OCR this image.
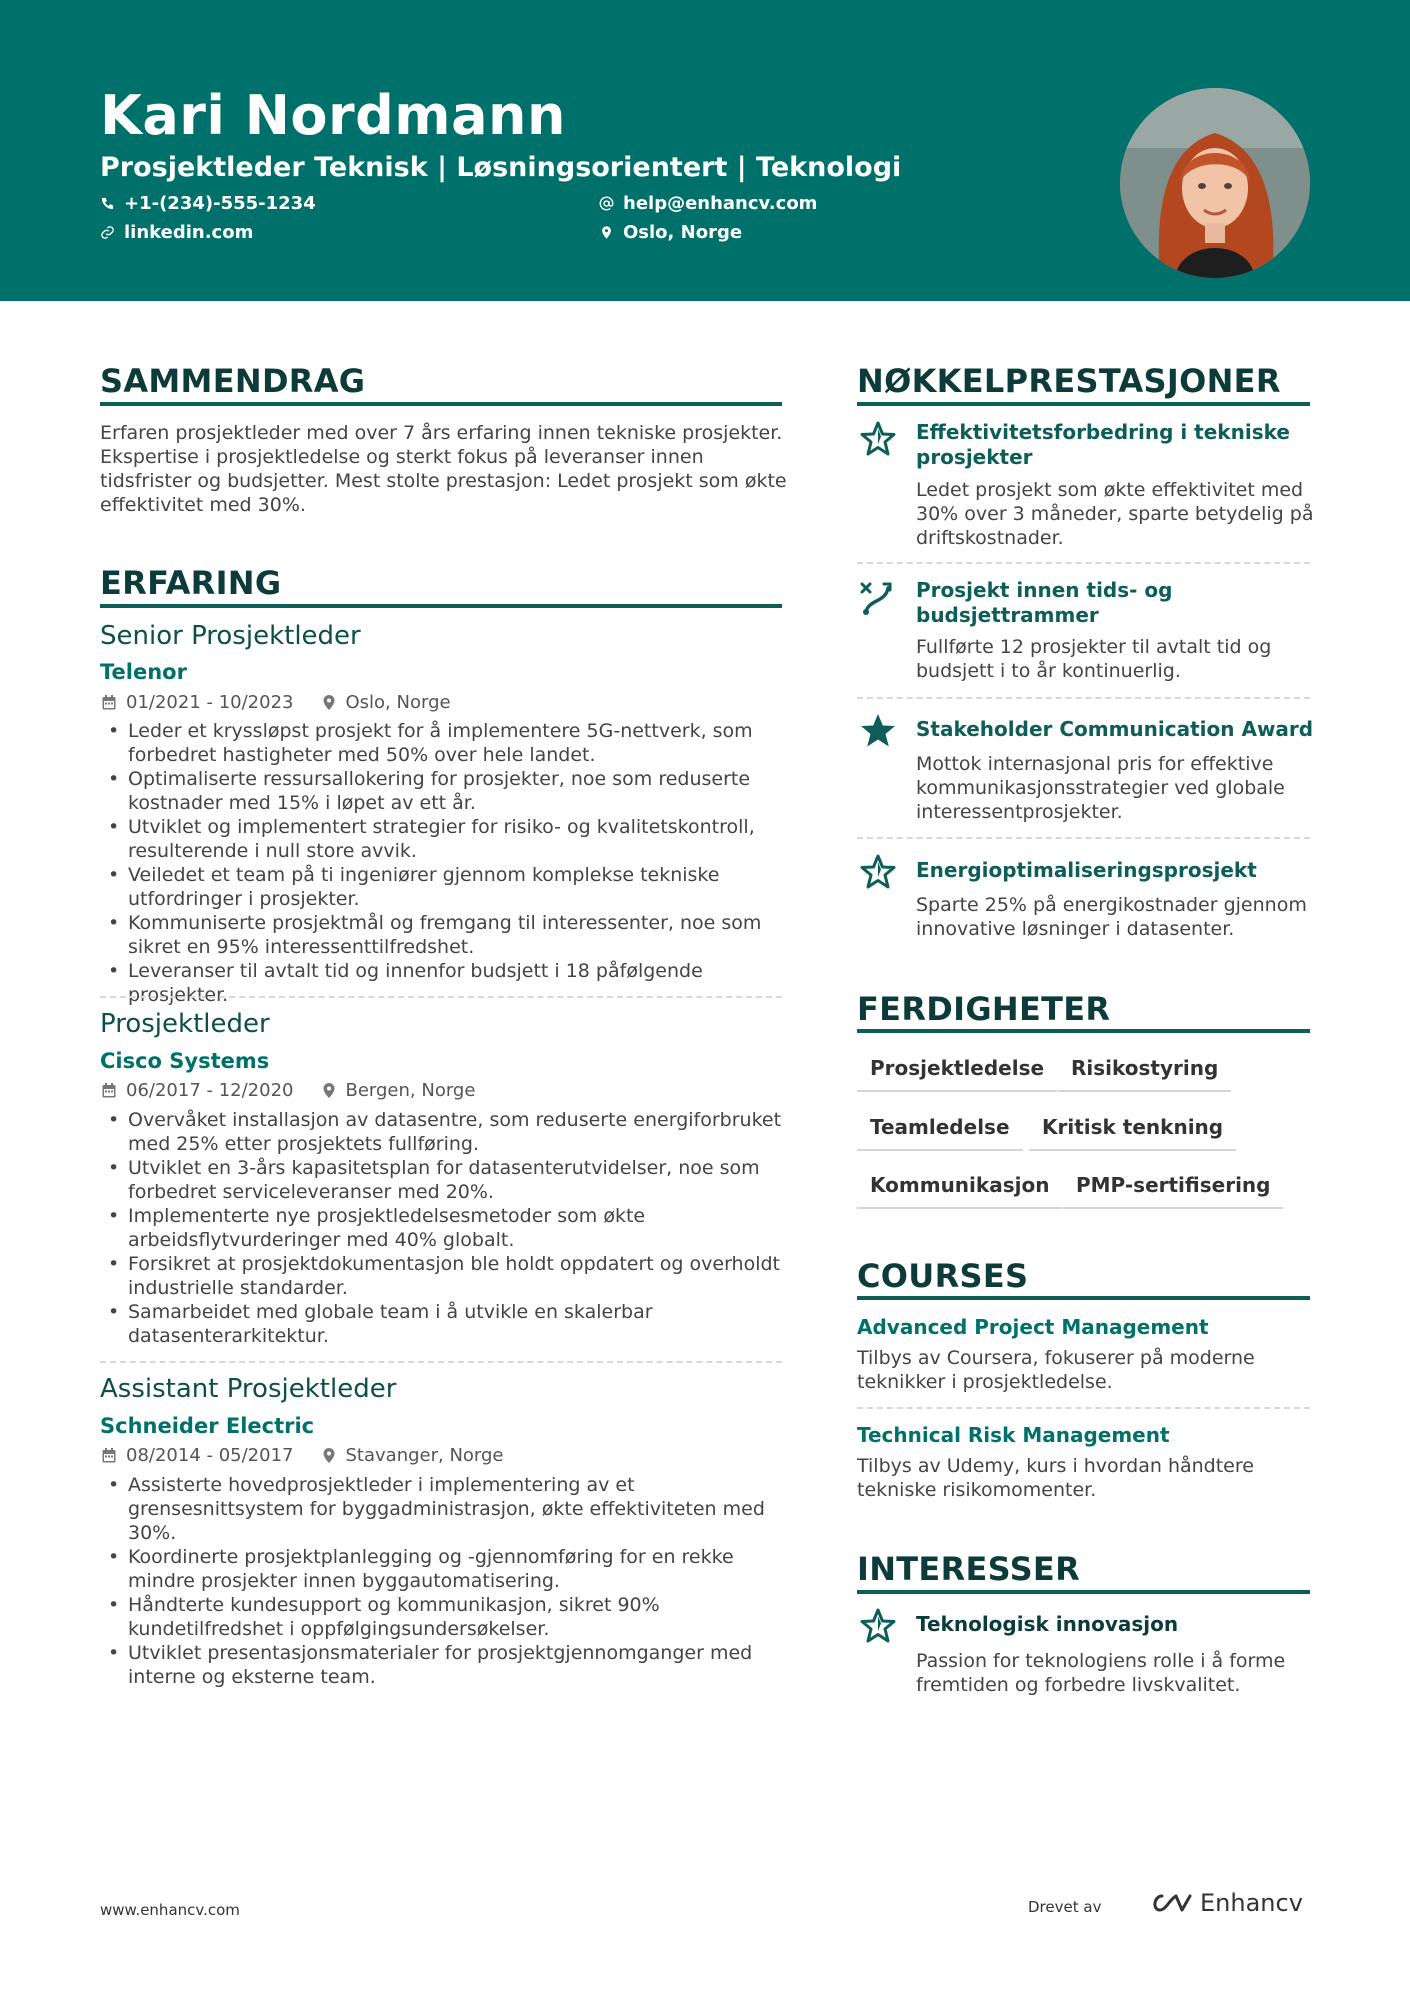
Kari Nordmann
Prosjektleder Teknisk | Løsningsorientert | Teknologi
+1-(234)-555-1234
linkedin.com
help@enhancv.com
Oslo, Norge
SAMMENDRAG
Erfaren prosjektleder med over 7 års erfaring innen tekniske prosjekter. Ekspertise i prosjektledelse og sterkt fokus på leveranser innen tidsfrister og budsjetter. Mest stolte prestasjon: Ledet prosjekt som økte effektivitet med 30%.
ERFARING
Senior Prosjektleder
Telenor
01/2021 - 10/2023	Oslo, Norge
• Leder et kryssløpst prosjekt for å implementere 5G-nettverk, som forbedret hastigheter med 50% over hele landet.
• Optimaliserte ressursallokering for prosjekter, noe som reduserte kostnader med 15% i løpet av ett år.
• Utviklet og implementert strategier for risiko- og kvalitetskontroll, resulterende i null store avvik.
• Veiledet et team på ti ingeniører gjennom komplekse tekniske utfordringer i prosjekter.
• Kommuniserte prosjektmål og fremgang til interessenter, noe som sikret en 95% interessenttilfredshet.
• Leveranser til avtalt tid og innenfor budsjett i 18 påfølgende prosjekter.
Prosjektleder
Cisco Systems
06/2017 - 12/2020	Bergen, Norge
• Overvåket installasjon av datasentre, som reduserte energiforbruket med 25% etter prosjektets fullføring.
• Utviklet en 3-års kapasitetsplan for datasenterutvidelser, noe som forbedret serviceleveranser med 20%.
• Implementerte nye prosjektledelsesmetoder som økte arbeidsflytvurderinger med 40% globalt.
• Forsikret at prosjektdokumentasjon ble holdt oppdatert og overholdt industrielle standarder.
• Samarbeidet med globale team i å utvikle en skalerbar datasenterarkitektur.
Assistant Prosjektleder
Schneider Electric
08/2014 - 05/2017	Stavanger, Norge
• Assisterte hovedprosjektleder i implementering av et grensesnittsystem for byggadministrasjon, økte effektiviteten med 30%.
• Koordinerte prosjektplanlegging og -gjennomføring for en rekke mindre prosjekter innen byggautomatisering.
• Håndterte kundesupport og kommunikasjon, sikret 90% kundetilfredshet i oppfølgingsundersøkelser.
• Utviklet presentasjonsmaterialer for prosjektgjennomganger med interne og eksterne team.
NØKKELPRESTASJONER
Effektivitetsforbedring i tekniske prosjekter
Ledet prosjekt som økte effektivitet med 30% over 3 måneder, sparte betydelig på driftskostnader.
Prosjekt innen tids- og budsjettrammer
Fullførte 12 prosjekter til avtalt tid og budsjett i to år kontinuerlig.
Stakeholder Communication Award
Mottok internasjonal pris for effektive kommunikasjonsstrategier ved globale interessentprosjekter.
Energioptimaliseringsprosjekt
Sparte 25% på energikostnader gjennom innovative løsninger i datasenter.
FERDIGHETER
Prosjektledelse	Risikostyring
Teamledelse	Kritisk tenkning
Kommunikasjon	PMP-sertifisering
COURSES
Advanced Project Management
Tilbys av Coursera, fokuserer på moderne teknikker i prosjektledelse.
Technical Risk Management
Tilbys av Udemy, kurs i hvordan håndtere tekniske risikomomenter.
INTERESSER
Teknologisk innovasjon
Passion for teknologiens rolle i å forme fremtiden og forbedre livskvalitet.
www.enhancv.com	Drevet av	Enhancv
